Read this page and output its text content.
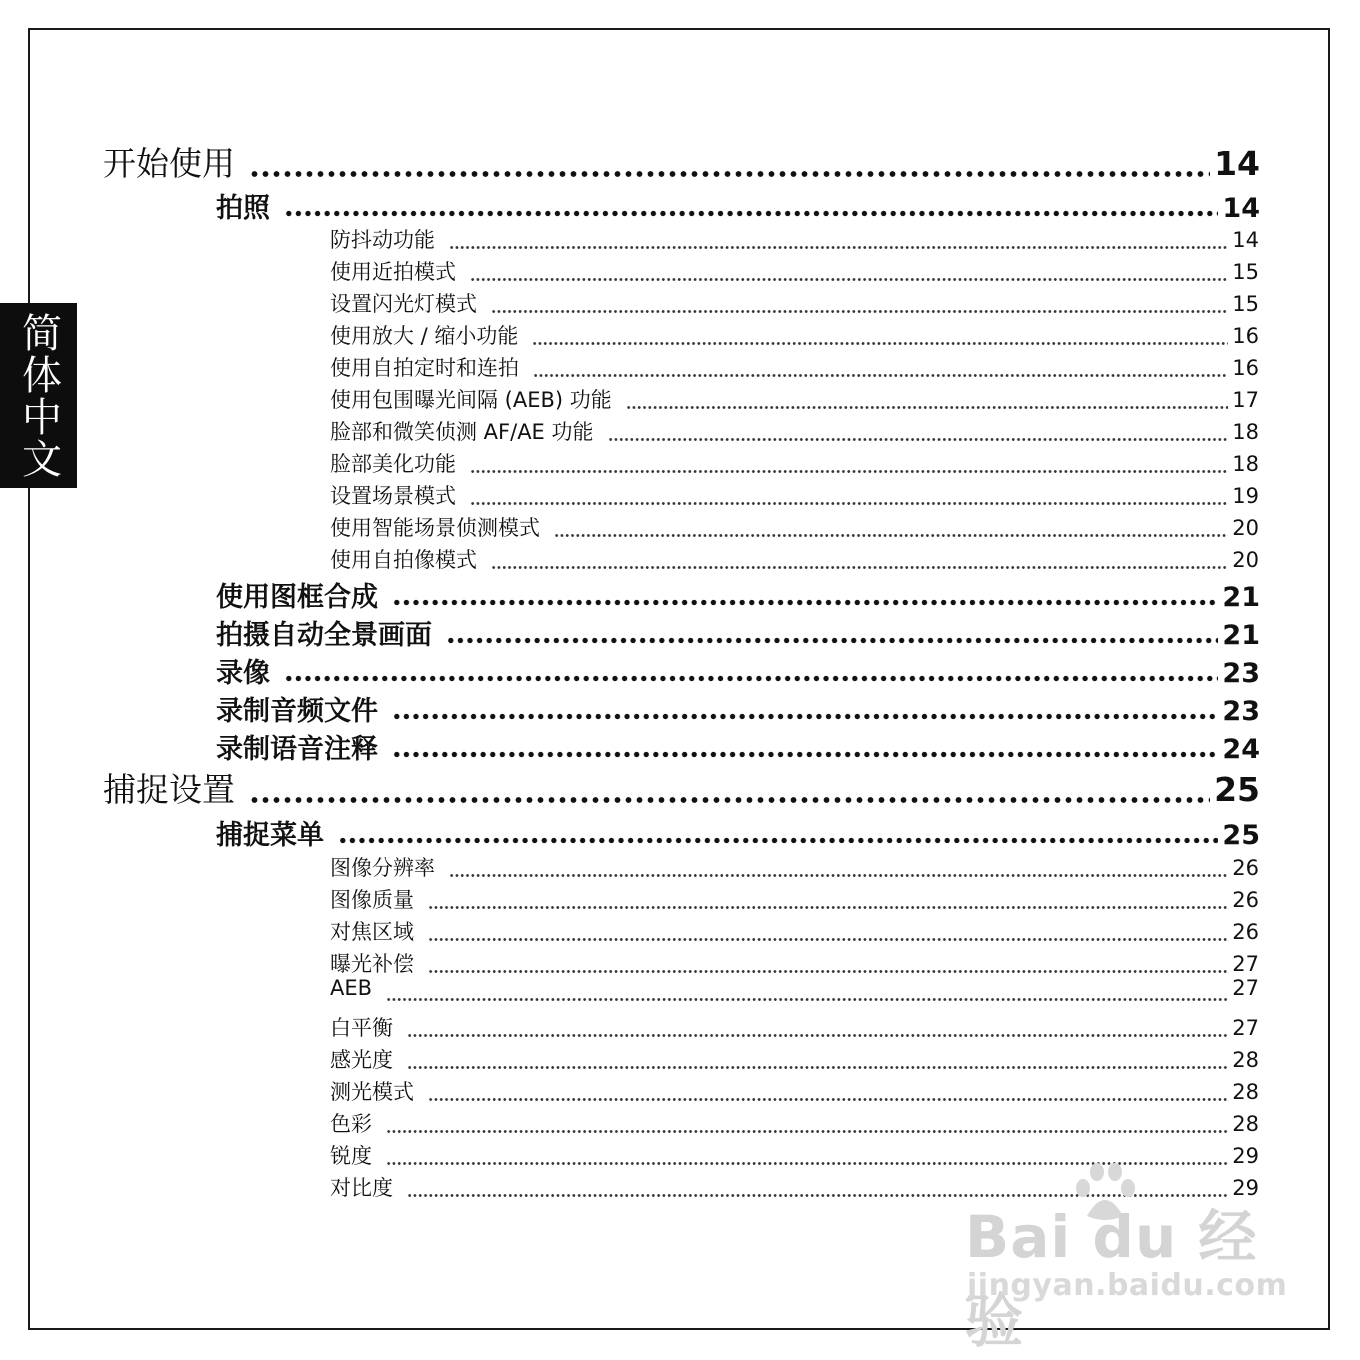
简体中文
开始使用	14
拍照	14
防抖动功能	14
使用近拍模式	15
设置闪光灯模式	15
使用放大 / 缩小功能	16
使用自拍定时和连拍	16
使用包围曝光间隔 (AEB) 功能	17
脸部和微笑侦测 AF/AE 功能	18
脸部美化功能	18
设置场景模式	19
使用智能场景侦测模式	20
使用自拍像模式	20
使用图框合成	21
拍摄自动全景画面	21
录像	23
录制音频文件	23
录制语音注释	24
捕捉设置	25
捕捉菜单	25
图像分辨率	26
图像质量	26
对焦区域	26
曝光补偿	27
AEB	27
白平衡	27
感光度	28
测光模式	28
色彩	28
锐度	29
对比度	29
Bai du 经验
jingyan.baidu.com
